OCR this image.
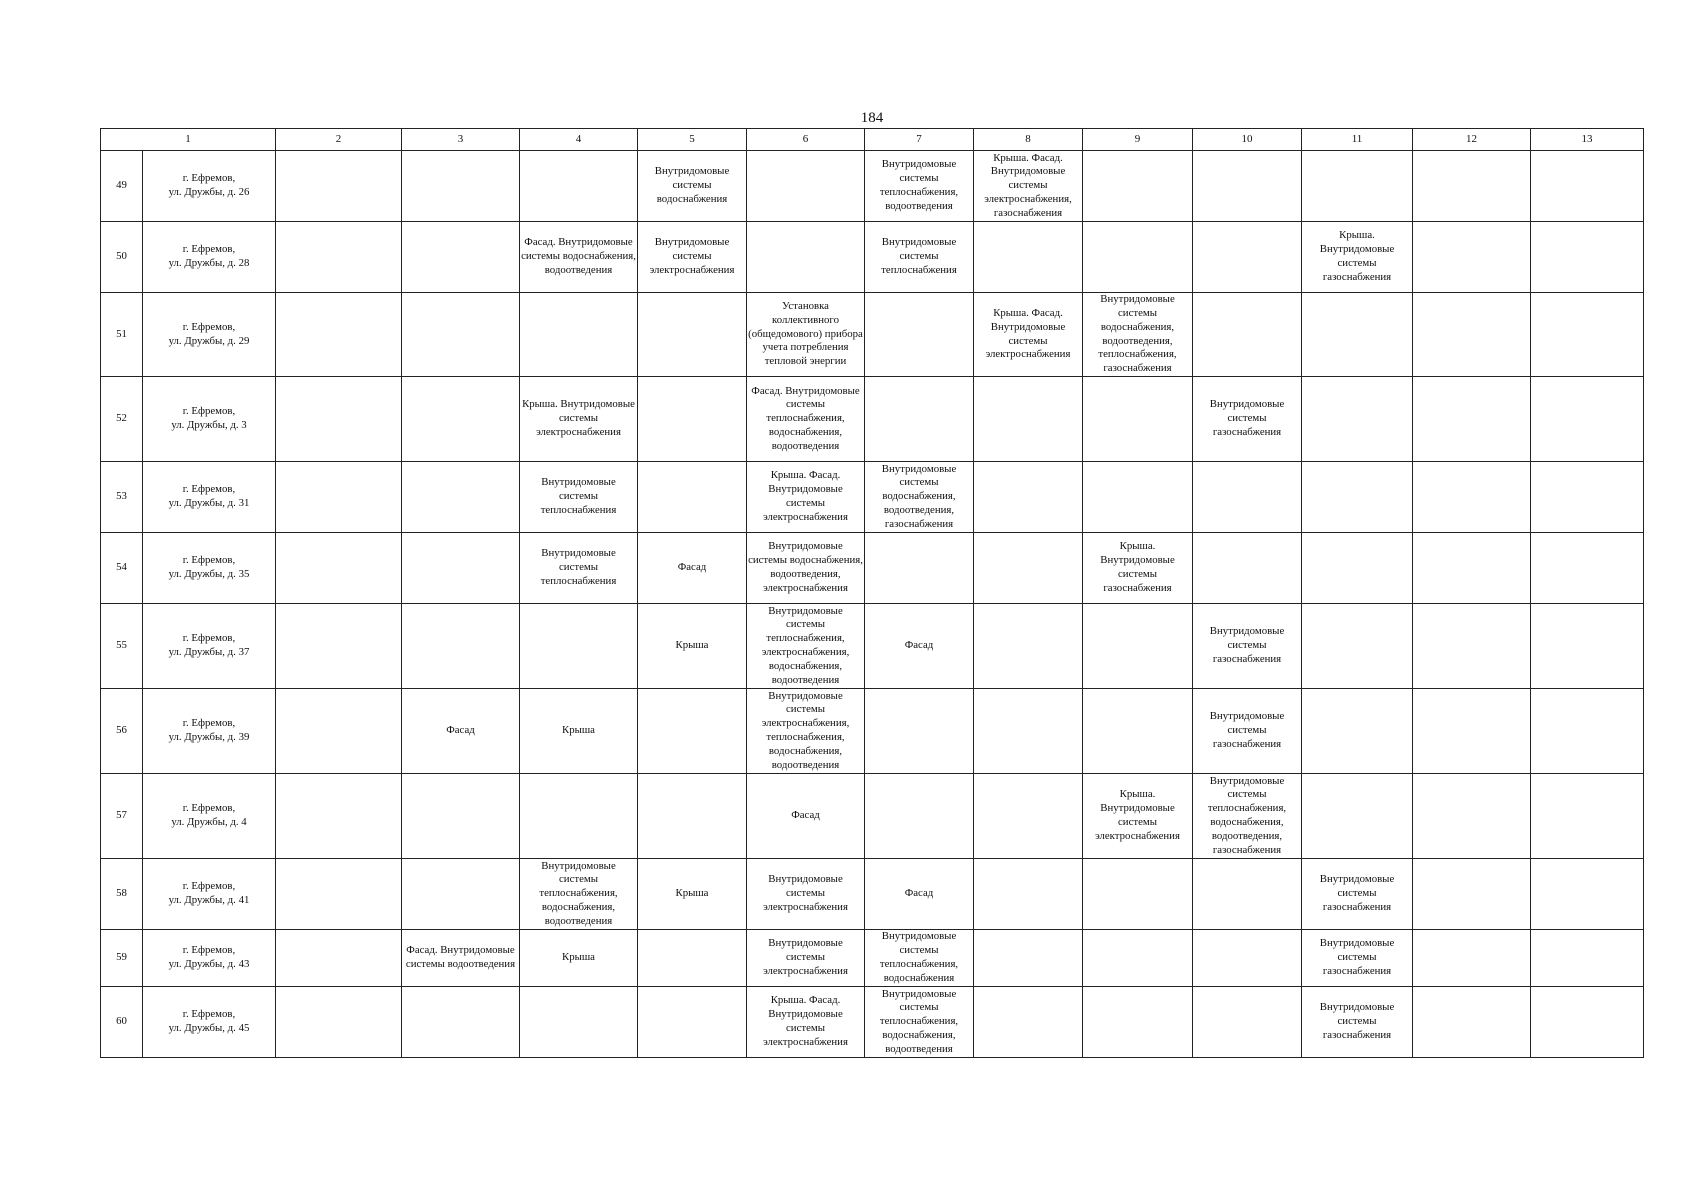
184
1		2	3	4	5	6	7	8	9	10	11	12	13
49	г. Ефремов,
ул. Дружбы, д. 26				Внутридомовые системы водоснабжения		Внутридомовые системы теплоснабжения, водоотведения	Крыша. Фасад. Внутридомовые системы электроснабжения, газоснабжения					
50	г. Ефремов,
ул. Дружбы, д. 28			Фасад. Внутридомовые системы водоснабжения, водоотведения	Внутридомовые системы электроснабжения		Внутридомовые системы теплоснабжения				Крыша. Внутридомовые системы газоснабжения		
51	г. Ефремов,
ул. Дружбы, д. 29					Установка коллективного (общедомового) прибора учета потребления тепловой энергии		Крыша. Фасад. Внутридомовые системы электроснабжения	Внутридомовые системы водоснабжения, водоотведения, теплоснабжения, газоснабжения				
52	г. Ефремов,
ул. Дружбы, д. 3			Крыша. Внутридомовые системы электроснабжения		Фасад. Внутридомовые системы теплоснабжения, водоснабжения, водоотведения				Внутридомовые системы газоснабжения			
53	г. Ефремов,
ул. Дружбы, д. 31			Внутридомовые системы теплоснабжения		Крыша. Фасад. Внутридомовые системы электроснабжения	Внутридомовые системы водоснабжения, водоотведения, газоснабжения						
54	г. Ефремов,
ул. Дружбы, д. 35			Внутридомовые системы теплоснабжения	Фасад	Внутридомовые системы водоснабжения, водоотведения, электроснабжения			Крыша. Внутридомовые системы газоснабжения				
55	г. Ефремов,
ул. Дружбы, д. 37				Крыша	Внутридомовые системы теплоснабжения, электроснабжения, водоснабжения, водоотведения	Фасад			Внутридомовые системы газоснабжения			
56	г. Ефремов,
ул. Дружбы, д. 39		Фасад	Крыша		Внутридомовые системы электроснабжения, теплоснабжения, водоснабжения, водоотведения				Внутридомовые системы газоснабжения			
57	г. Ефремов,
ул. Дружбы, д. 4					Фасад			Крыша. Внутридомовые системы электроснабжения	Внутридомовые системы теплоснабжения, водоснабжения, водоотведения, газоснабжения			
58	г. Ефремов,
ул. Дружбы, д. 41			Внутридомовые системы теплоснабжения, водоснабжения, водоотведения	Крыша	Внутридомовые системы электроснабжения	Фасад				Внутридомовые системы газоснабжения		
59	г. Ефремов,
ул. Дружбы, д. 43		Фасад. Внутридомовые системы водоотведения	Крыша		Внутридомовые системы электроснабжения	Внутридомовые системы теплоснабжения, водоснабжения				Внутридомовые системы газоснабжения		
60	г. Ефремов,
ул. Дружбы, д. 45					Крыша. Фасад. Внутридомовые системы электроснабжения	Внутридомовые системы теплоснабжения, водоснабжения, водоотведения				Внутридомовые системы газоснабжения		
